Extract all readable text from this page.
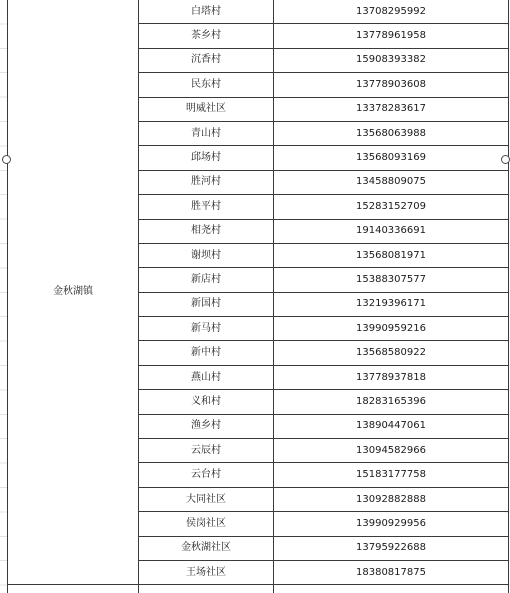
金秋湖镇	白塔村	13708295992
	茶乡村	13778961958
	沉香村	15908393382
	民东村	13778903608
	明威社区	13378283617
	青山村	13568063988
	邱场村	13568093169
	胜河村	13458809075
	胜平村	15283152709
	相尧村	19140336691
	谢坝村	13568081971
	新店村	15388307577
	新国村	13219396171
	新马村	13990959216
	新中村	13568580922
	燕山村	13778937818
	义和村	18283165396
	渔乡村	13890447061
	云辰村	13094582966
	云台村	15183177758
	大同社区	13092882888
	侯岗社区	13990929956
	金秋湖社区	13795922688
	王场社区	18380817875
